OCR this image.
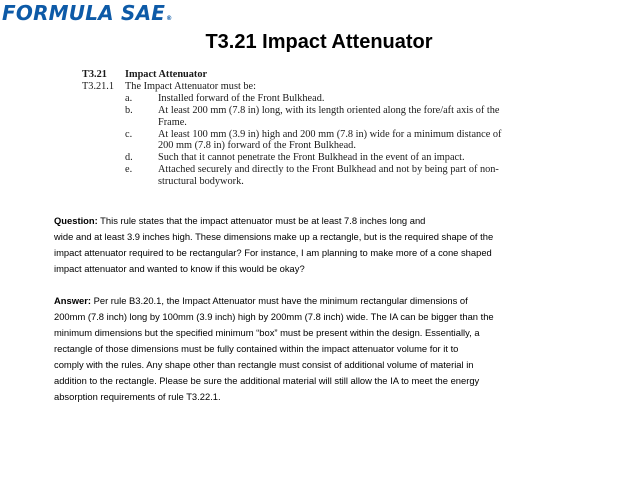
FORMULA SAE ®
T3.21 Impact Attenuator
T3.21	Impact Attenuator
T3.21.1	The Impact Attenuator must be:
a.	Installed forward of the Front Bulkhead.
b.	At least 200 mm (7.8 in) long, with its length oriented along the fore/aft axis of the
Frame.
c.	At least 100 mm (3.9 in) high and 200 mm (7.8 in) wide for a minimum distance of
200 mm (7.8 in) forward of the Front Bulkhead.
d.	Such that it cannot penetrate the Front Bulkhead in the event of an impact.
e.	Attached securely and directly to the Front Bulkhead and not by being part of non-
structural bodywork.

Question: This rule states that the impact attenuator must be at least 7.8 inches long and
wide and at least 3.9 inches high. These dimensions make up a rectangle, but is the required shape of the
impact attenuator required to be rectangular? For instance, I am planning to make more of a cone shaped
impact attenuator and wanted to know if this would be okay?

Answer: Per rule B3.20.1, the Impact Attenuator must have the minimum rectangular dimensions of
200mm (7.8 inch) long by 100mm (3.9 inch) high by 200mm (7.8 inch) wide. The IA can be bigger than the
minimum dimensions but the specified minimum “box” must be present within the design. Essentially, a
rectangle of those dimensions must be fully contained within the impact attenuator volume for it to
comply with the rules. Any shape other than rectangle must consist of additional volume of material in
addition to the rectangle. Please be sure the additional material will still allow the IA to meet the energy
absorption requirements of rule T3.22.1.
